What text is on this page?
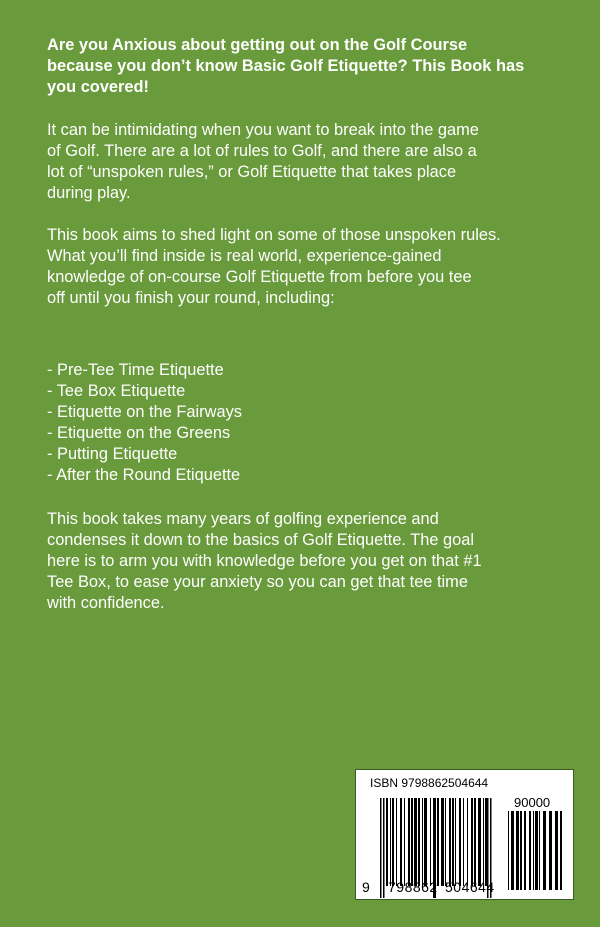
Are you Anxious about getting out on the Golf Course
because you don’t know Basic Golf Etiquette? This Book has
you covered!
It can be intimidating when you want to break into the game
of Golf. There are a lot of rules to Golf, and there are also a
lot of “unspoken rules,” or Golf Etiquette that takes place
during play.
This book aims to shed light on some of those unspoken rules.
What you’ll find inside is real world, experience-gained
knowledge of on-course Golf Etiquette from before you tee
off until you finish your round, including:
- Pre-Tee Time Etiquette
- Tee Box Etiquette
- Etiquette on the Fairways
- Etiquette on the Greens
- Putting Etiquette
- After the Round Etiquette
This book takes many years of golfing experience and
condenses it down to the basics of Golf Etiquette. The goal
here is to arm you with knowledge before you get on that #1
Tee Box, to ease your anxiety so you can get that tee time
with confidence.
ISBN 9798862504644
90000
9 798862 504644
